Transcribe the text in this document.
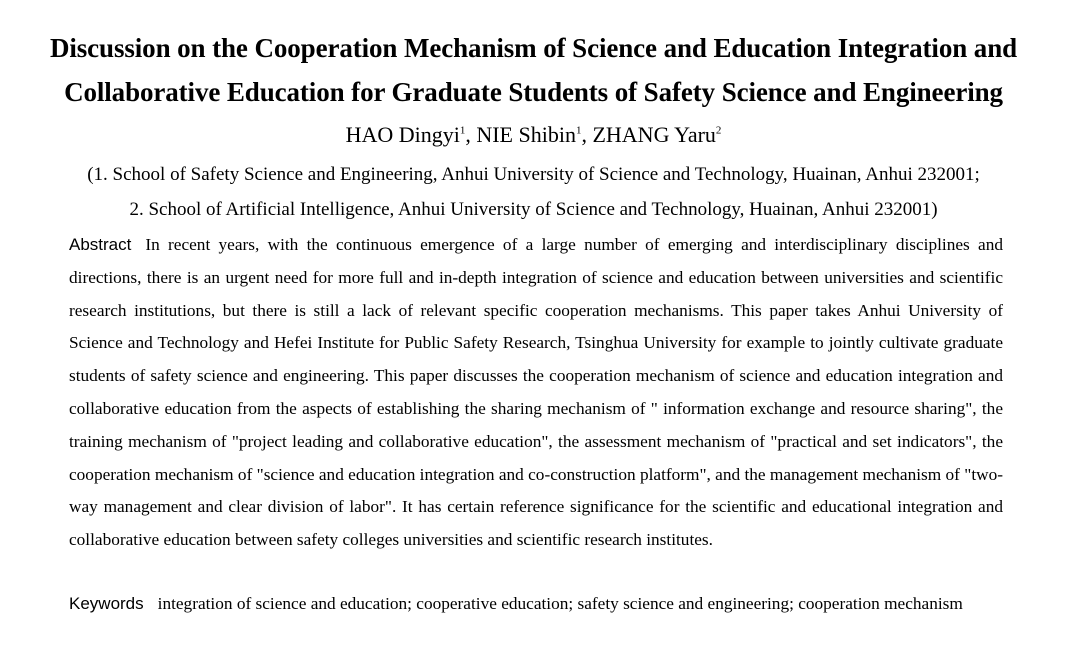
Discussion on the Cooperation Mechanism of Science and Education Integration and
Collaborative Education for Graduate Students of Safety Science and Engineering
HAO Dingyi$^1$, NIE Shibin$^1$, ZHANG Yaru$^2$
(1. School of Safety Science and Engineering, Anhui University of Science and Technology, Huainan, Anhui 232001;
2. School of Artificial Intelligence, Anhui University of Science and Technology, Huainan, Anhui 232001)
Abstract In recent years, with the continuous emergence of a large number of emerging and interdisciplinary disciplines and directions, there is an urgent need for more full and in-depth integration of science and education between universities and scientific research institutions, but there is still a lack of relevant specific cooperation mechanisms. This paper takes Anhui University of Science and Technology and Hefei Institute for Public Safety Research, Tsinghua University for example to jointly cultivate graduate students of safety science and engineering. This paper discusses the cooperation mechanism of science and education integration and collaborative education from the aspects of establishing the sharing mechanism of " information exchange and resource sharing", the training mechanism of "project leading and collaborative education", the assessment mechanism of "practical and set indicators", the cooperation mechanism of "science and education integration and co-construction platform", and the management mechanism of "two-way management and clear division of labor". It has certain reference significance for the scientific and educational integration and collaborative education between safety colleges universities and scientific research institutes.
Keywords integration of science and education; cooperative education; safety science and engineering; cooperation mechanism
